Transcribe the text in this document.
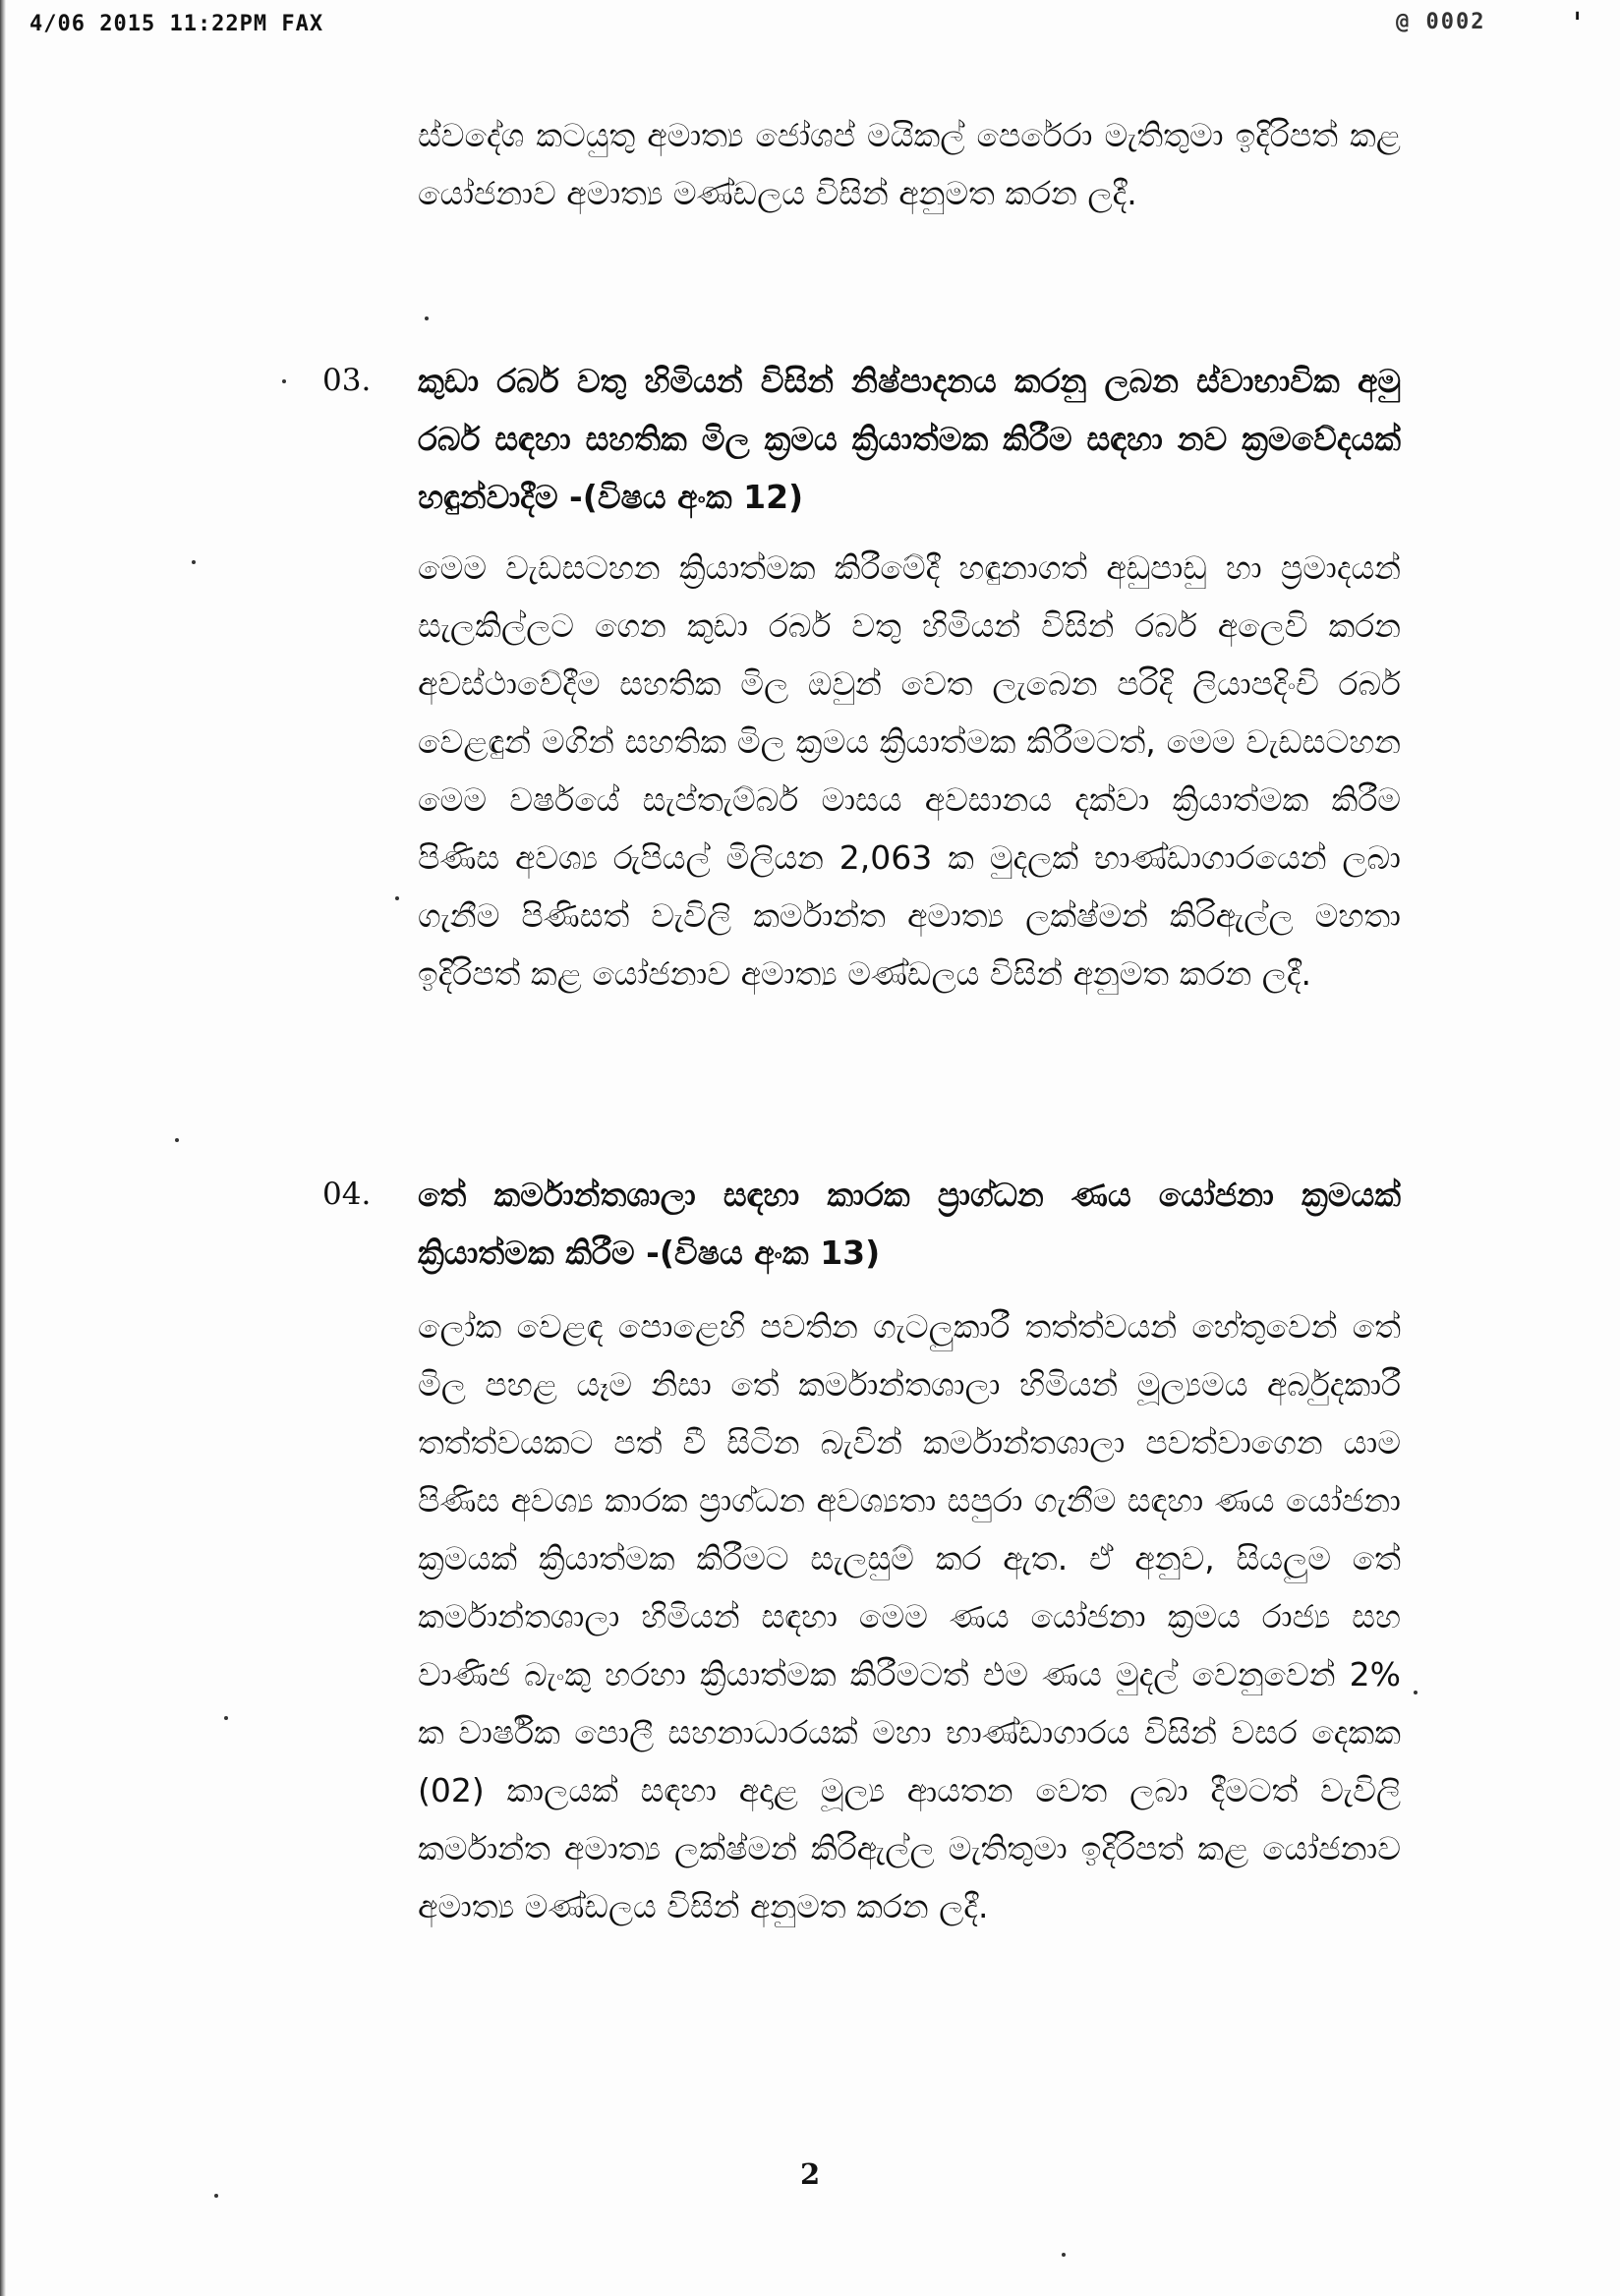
4/06 2015 11:22PM FAX	@ 0002	ˈ

ස්වදේශ කටයුතු අමාත්‍ය ජෝශප් මයිකල් පෙරේරා මැතිතුමා ඉදිරිපත් කළ යෝජනාව අමාත්‍ය මණ්ඩලය විසින් අනුමත කරන ලදී.

03. කුඩා රබර් වතු හිමියන් විසින් නිෂ්පාදනය කරනු ලබන ස්වාභාවික අමු රබර් සඳහා සහතික මිල ක්‍රමය ක්‍රියාත්මක කිරීම සඳහා නව ක්‍රමවේදයක් හඳුන්වාදීම -(විෂය අංක 12)

මෙම වැඩසටහන ක්‍රියාත්මක කිරීමේදී හඳුනාගත් අඩුපාඩු හා ප්‍රමාදයන් සැලකිල්ලට ගෙන කුඩා රබර් වතු හිමියන් විසින් රබර් අලෙවි කරන අවස්ථාවේදීම සහතික මිල ඔවුන් වෙත ලැබෙන පරිදි ලියාපදිංචි රබර් වෙළඳුන් මගින් සහතික මිල ක්‍රමය ක්‍රියාත්මක කිරීමටත්, මෙම වැඩසටහන මෙම වර්ෂයේ සැප්තැම්බර් මාසය අවසානය දක්වා ක්‍රියාත්මක කිරීම පිණිස අවශ්‍ය රුපියල් මිලියන 2,063 ක මුදලක් භාණ්ඩාගාරයෙන් ලබා ගැනීම පිණිසත් වැවිලි කර්මාන්ත අමාත්‍ය ලක්ෂ්මන් කිරිඇල්ල මහතා ඉදිරිපත් කළ යෝජනාව අමාත්‍ය මණ්ඩලය විසින් අනුමත කරන ලදී.

04. තේ කර්මාන්තශාලා සඳහා කාරක ප්‍රාග්ධන ණය යෝජනා ක්‍රමයක් ක්‍රියාත්මක කිරීම -(විෂය අංක 13)

ලෝක වෙළඳ පොළෙහි පවතින ගැටලුකාරී තත්ත්වයන් හේතුවෙන් තේ මිල පහළ යෑම නිසා තේ කර්මාන්තශාලා හිමියන් මූල්‍යමය අර්බුදකාරී තත්ත්වයකට පත් වී සිටින බැවින් කර්මාන්තශාලා පවත්වාගෙන යාම පිණිස අවශ්‍ය කාරක ප්‍රාග්ධන අවශ්‍යතා සපුරා ගැනීම සඳහා ණය යෝජනා ක්‍රමයක් ක්‍රියාත්මක කිරීමට සැලසුම් කර ඇත. ඒ අනුව, සියලුම තේ කර්මාන්තශාලා හිමියන් සඳහා මෙම ණය යෝජනා ක්‍රමය රාජ්‍ය සහ වාණිජ බැංකු හරහා ක්‍රියාත්මක කිරීමටත් එම ණය මුදල් වෙනුවෙන් 2% ක වාර්ෂික පොලී සහනාධාරයක් මහා භාණ්ඩාගාරය විසින් වසර දෙකක (02) කාලයක් සඳහා අදාළ මූල්‍ය ආයතන වෙත ලබා දීමටත් වැවිලි කර්මාන්ත අමාත්‍ය ලක්ෂ්මන් කිරිඇල්ල මැතිතුමා ඉදිරිපත් කළ යෝජනාව අමාත්‍ය මණ්ඩලය විසින් අනුමත කරන ලදී.

2
